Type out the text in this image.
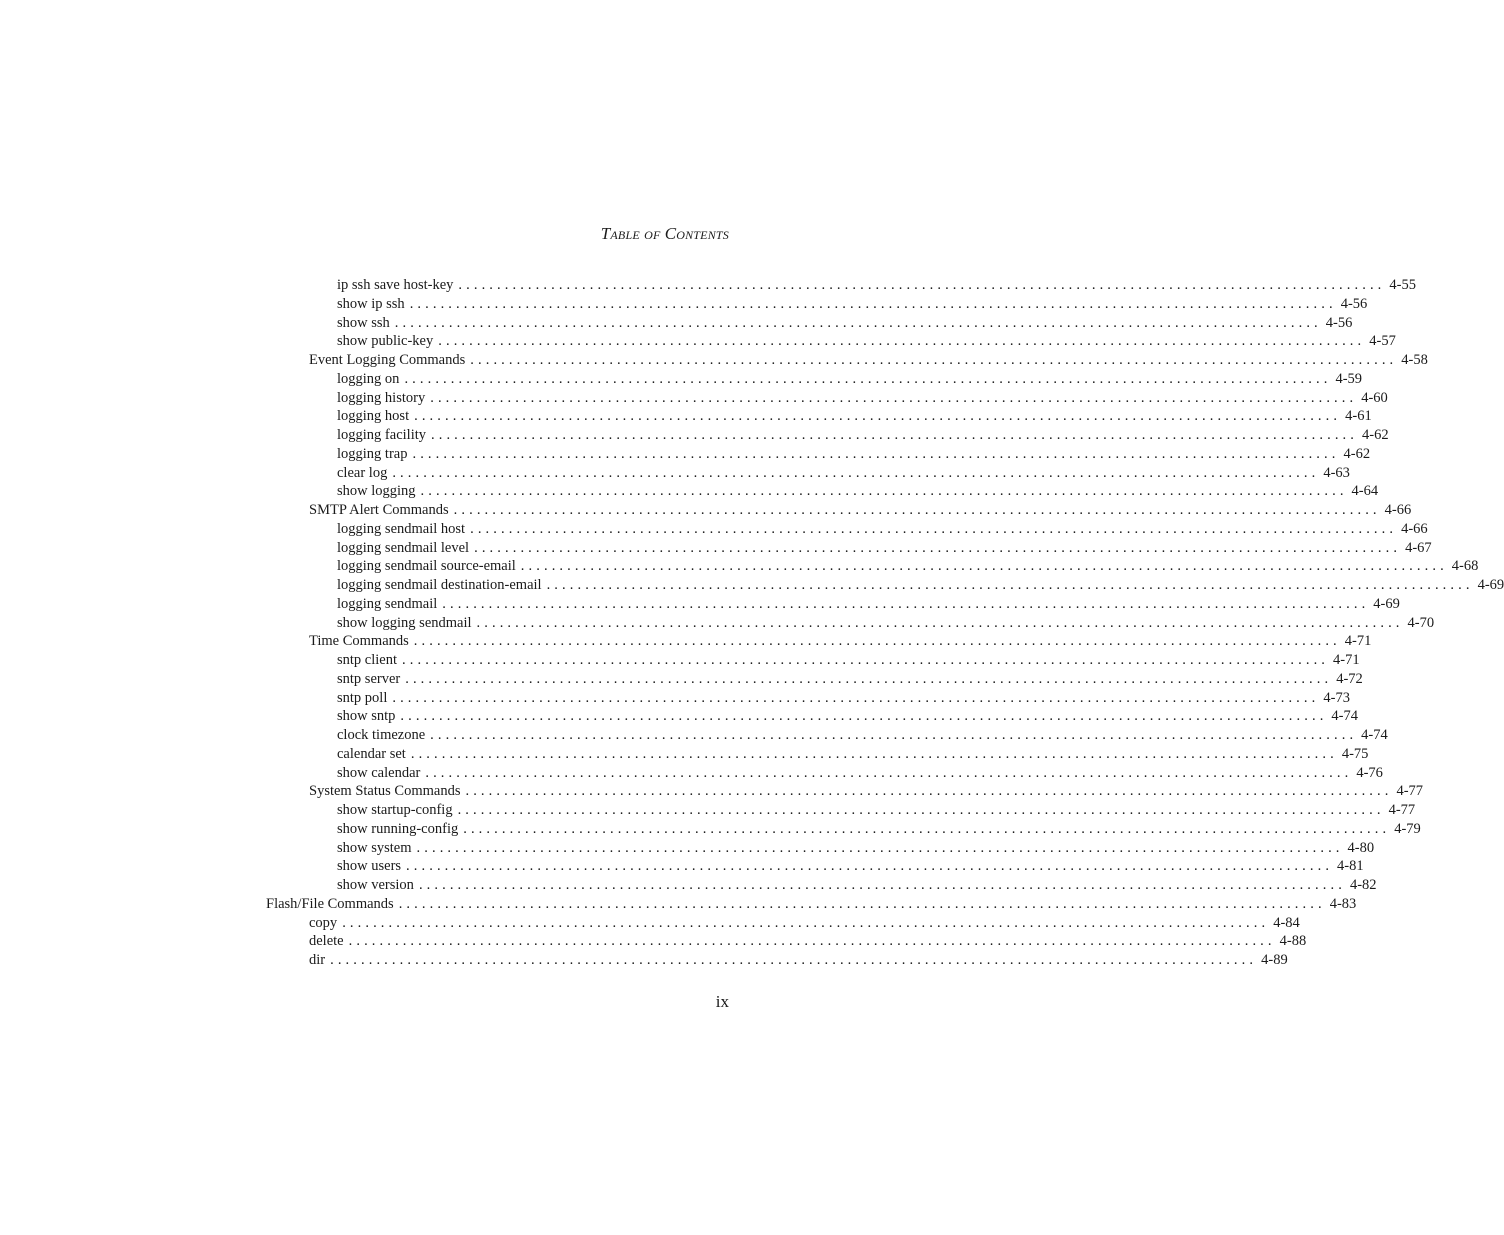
TABLE OF CONTENTS
ip ssh save host-key ........................................................................................................................ 4-55
show ip ssh ........................................................................................................................ 4-56
show ssh ........................................................................................................................ 4-56
show public-key ........................................................................................................................ 4-57
Event Logging Commands ........................................................................................................................ 4-58
logging on ........................................................................................................................ 4-59
logging history ........................................................................................................................ 4-60
logging host ........................................................................................................................ 4-61
logging facility ........................................................................................................................ 4-62
logging trap ........................................................................................................................ 4-62
clear log ........................................................................................................................ 4-63
show logging ........................................................................................................................ 4-64
SMTP Alert Commands ........................................................................................................................ 4-66
logging sendmail host ........................................................................................................................ 4-66
logging sendmail level ........................................................................................................................ 4-67
logging sendmail source-email ........................................................................................................................ 4-68
logging sendmail destination-email ........................................................................................................................ 4-69
logging sendmail ........................................................................................................................ 4-69
show logging sendmail ........................................................................................................................ 4-70
Time Commands ........................................................................................................................ 4-71
sntp client ........................................................................................................................ 4-71
sntp server ........................................................................................................................ 4-72
sntp poll ........................................................................................................................ 4-73
show sntp ........................................................................................................................ 4-74
clock timezone ........................................................................................................................ 4-74
calendar set ........................................................................................................................ 4-75
show calendar ........................................................................................................................ 4-76
System Status Commands ........................................................................................................................ 4-77
show startup-config ........................................................................................................................ 4-77
show running-config ........................................................................................................................ 4-79
show system ........................................................................................................................ 4-80
show users ........................................................................................................................ 4-81
show version ........................................................................................................................ 4-82
Flash/File Commands ........................................................................................................................ 4-83
copy ........................................................................................................................ 4-84
delete ........................................................................................................................ 4-88
dir ........................................................................................................................ 4-89
ix
